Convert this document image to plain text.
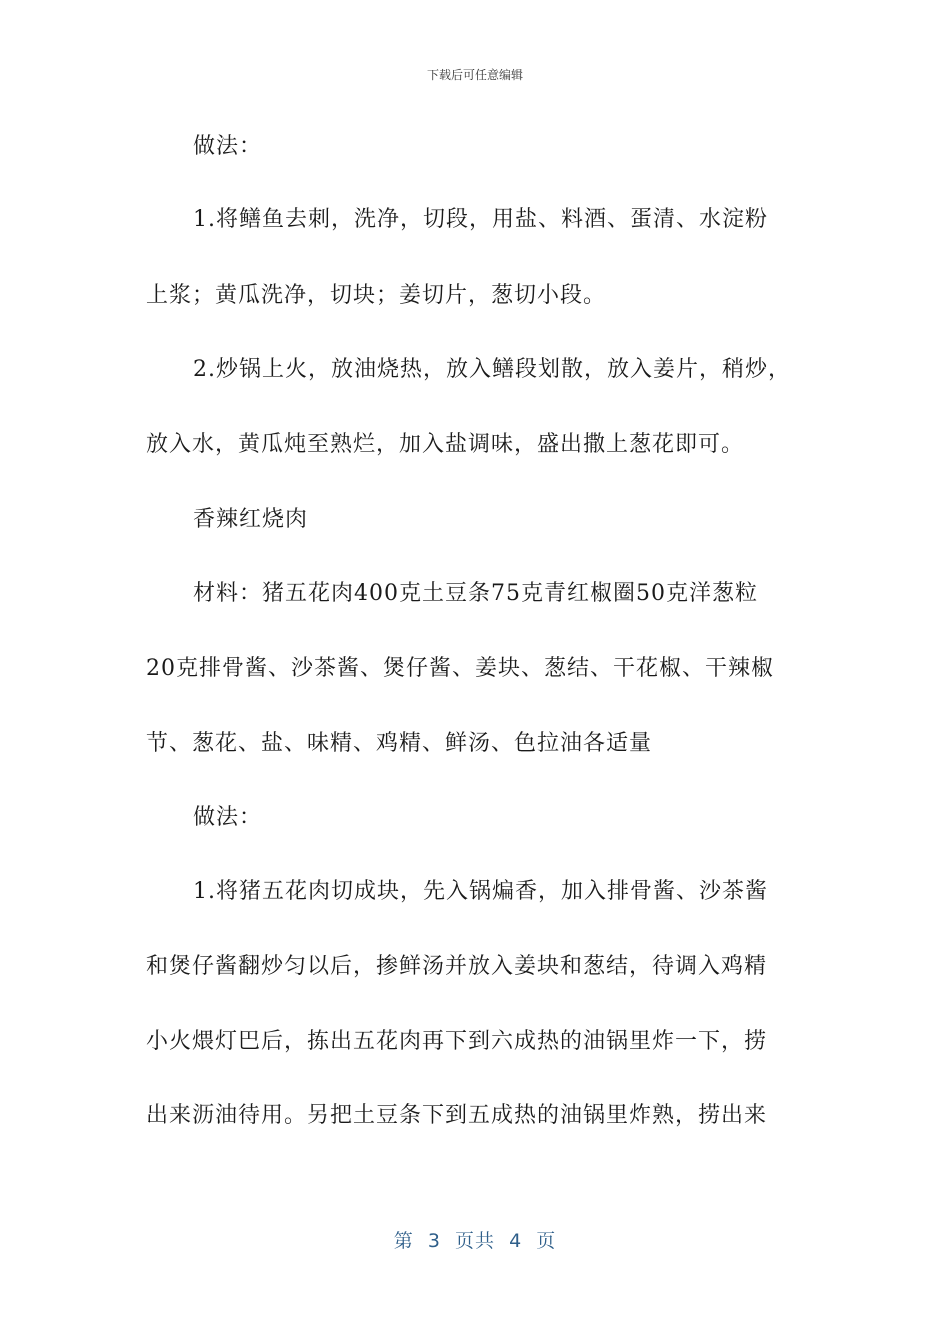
下载后可任意编辑
做法：
1.将鳝鱼去刺，洗净，切段，用盐、料酒、蛋清、水淀粉
上浆；黄瓜洗净，切块；姜切片，葱切小段。
2.炒锅上火，放油烧热，放入鳝段划散，放入姜片，稍炒，
放入水，黄瓜炖至熟烂，加入盐调味，盛出撒上葱花即可。
香辣红烧肉
材料：猪五花肉400克土豆条75克青红椒圈50克洋葱粒
20克排骨酱、沙茶酱、煲仔酱、姜块、葱结、干花椒、干辣椒
节、葱花、盐、味精、鸡精、鲜汤、色拉油各适量
做法：
1.将猪五花肉切成块，先入锅煸香，加入排骨酱、沙茶酱
和煲仔酱翻炒匀以后，掺鲜汤并放入姜块和葱结，待调入鸡精
小火煨灯巴后，拣出五花肉再下到六成热的油锅里炸一下，捞
出来沥油待用。另把土豆条下到五成热的油锅里炸熟，捞出来
第  3  页共  4  页
